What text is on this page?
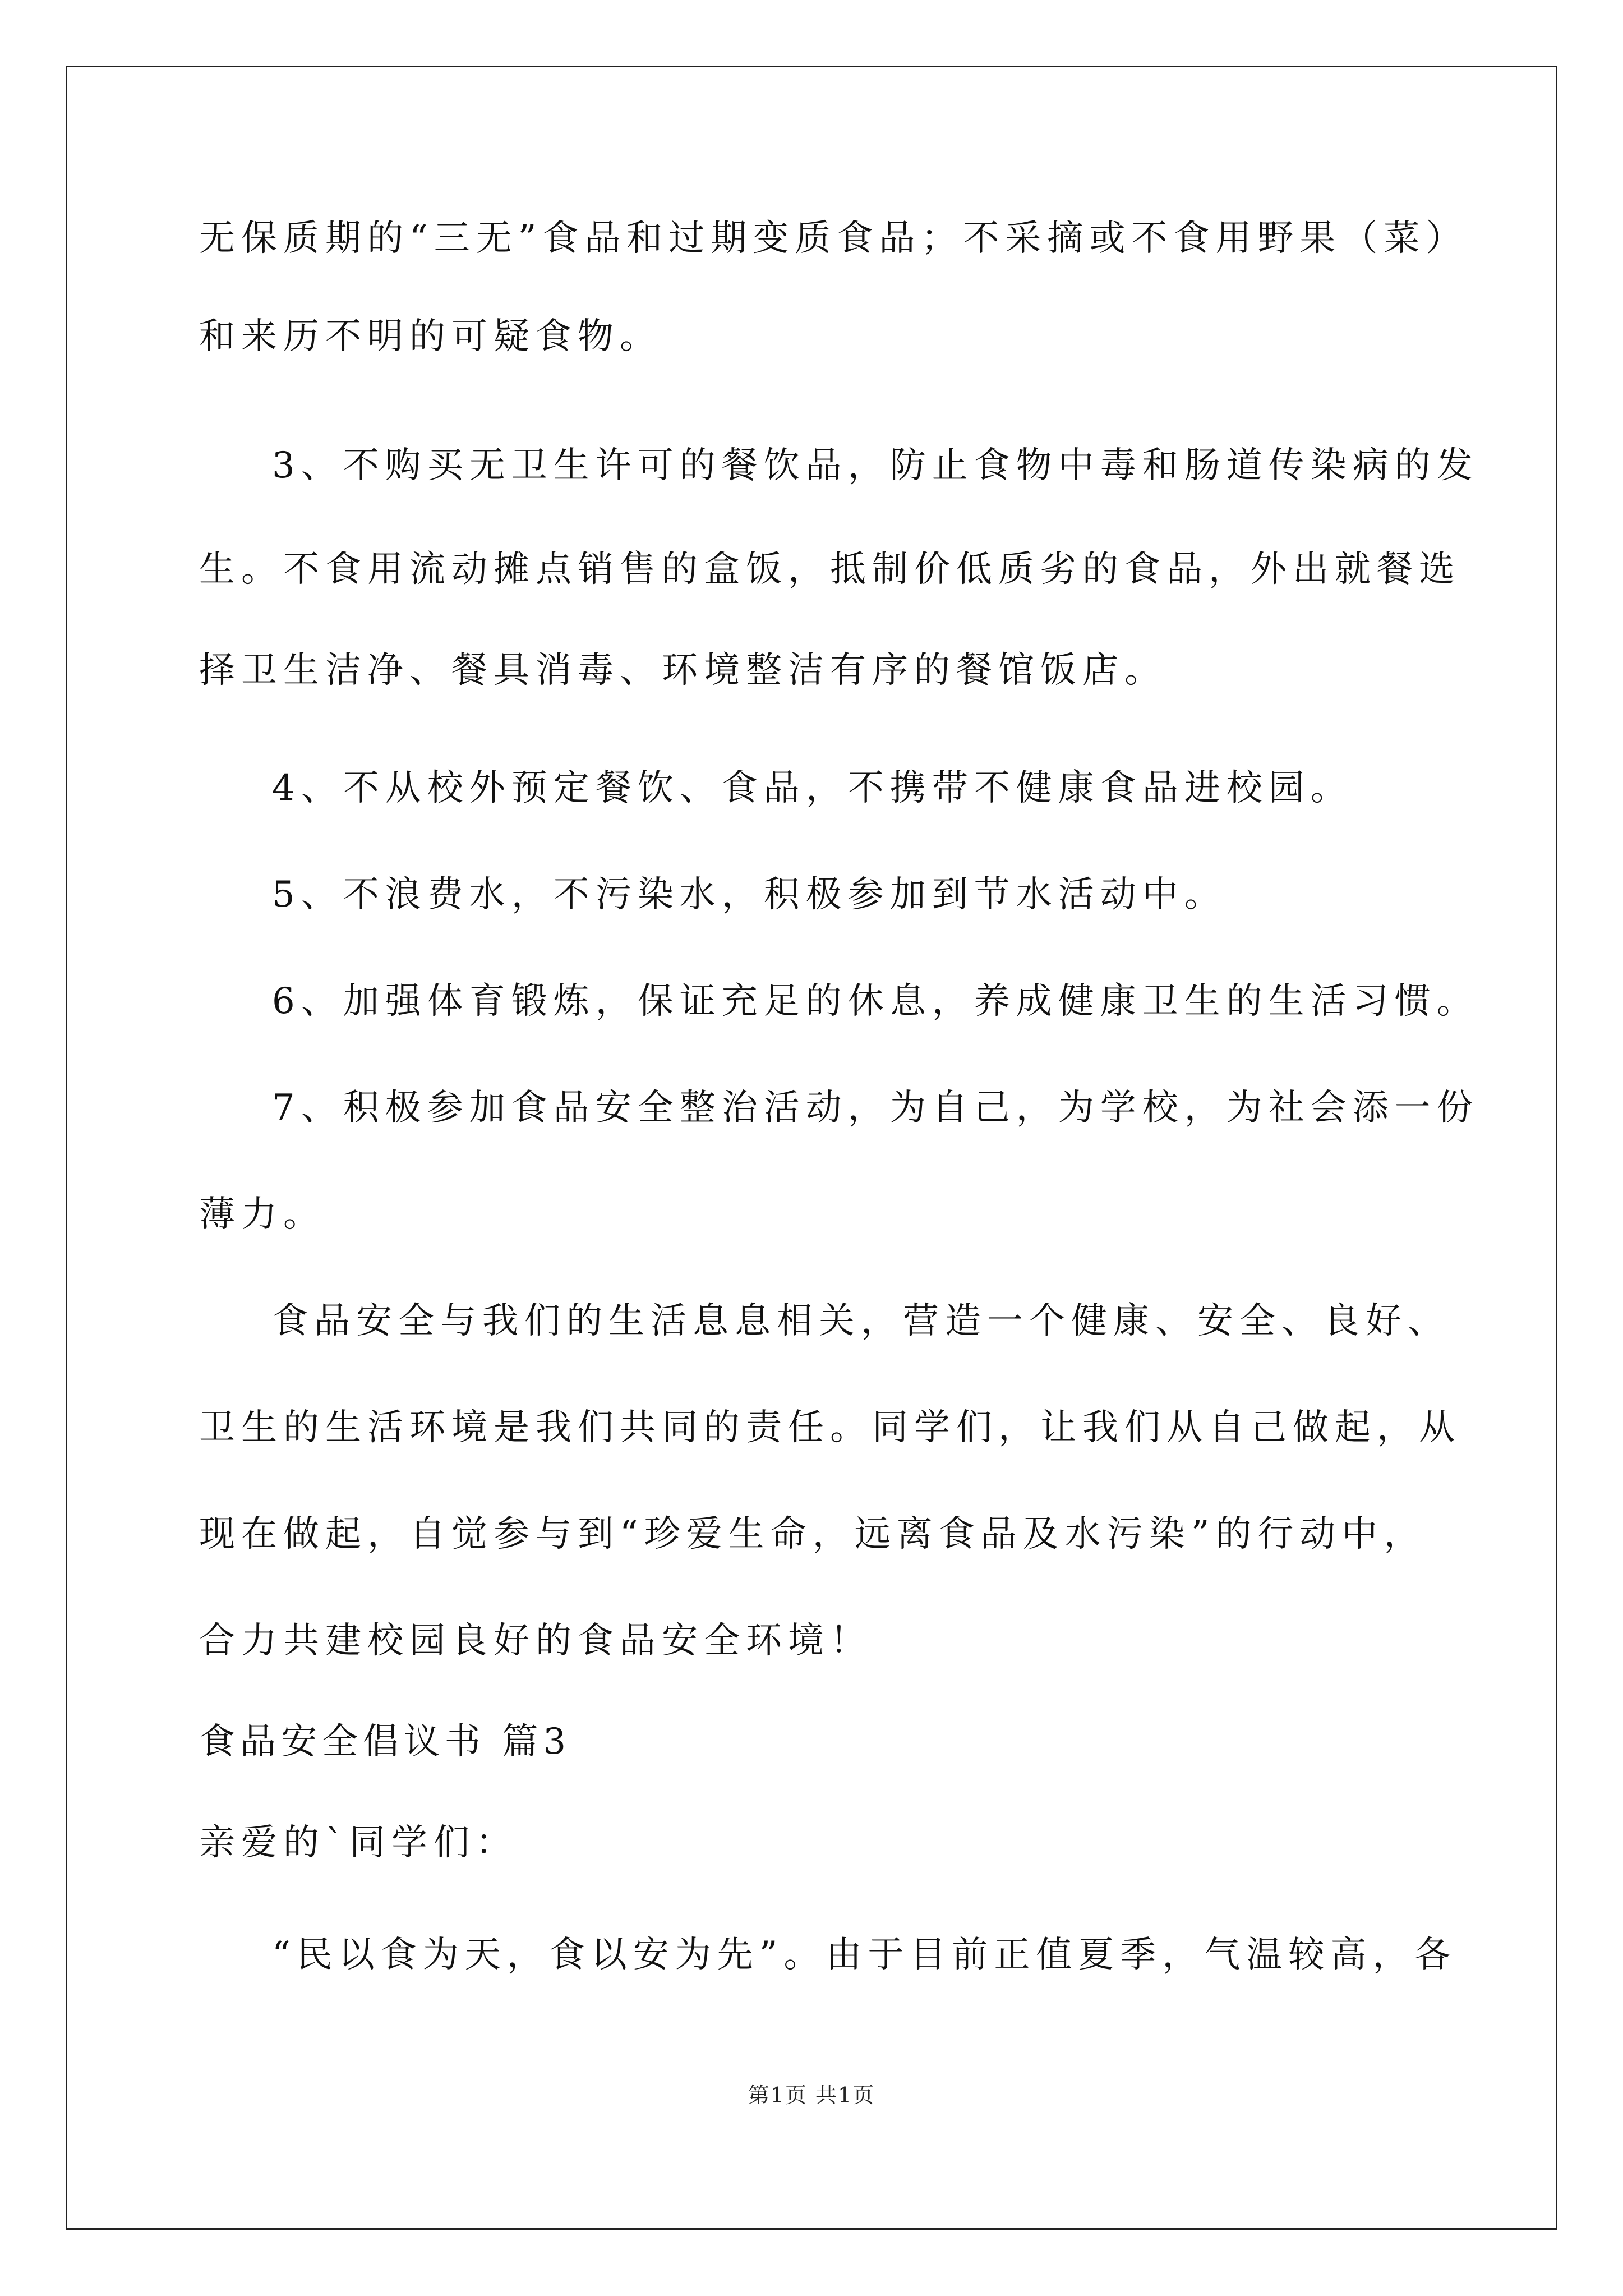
无保质期的“三无”食品和过期变质食品；不采摘或不食用野果（菜）
和来历不明的可疑食物。
3、不购买无卫生许可的餐饮品，防止食物中毒和肠道传染病的发
生。不食用流动摊点销售的盒饭，抵制价低质劣的食品，外出就餐选
择卫生洁净、餐具消毒、环境整洁有序的餐馆饭店。
4、不从校外预定餐饮、食品，不携带不健康食品进校园。
5、不浪费水，不污染水，积极参加到节水活动中。
6、加强体育锻炼，保证充足的休息，养成健康卫生的生活习惯。
7、积极参加食品安全整治活动，为自己，为学校，为社会添一份
薄力。
食品安全与我们的生活息息相关，营造一个健康、安全、良好、
卫生的生活环境是我们共同的责任。同学们，让我们从自己做起，从
现在做起，自觉参与到“珍爱生命，远离食品及水污染”的行动中，
合力共建校园良好的食品安全环境！
食品安全倡议书 篇3
亲爱的`同学们：
“民以食为天，食以安为先”。由于目前正值夏季，气温较高，各
第1页 共1页
